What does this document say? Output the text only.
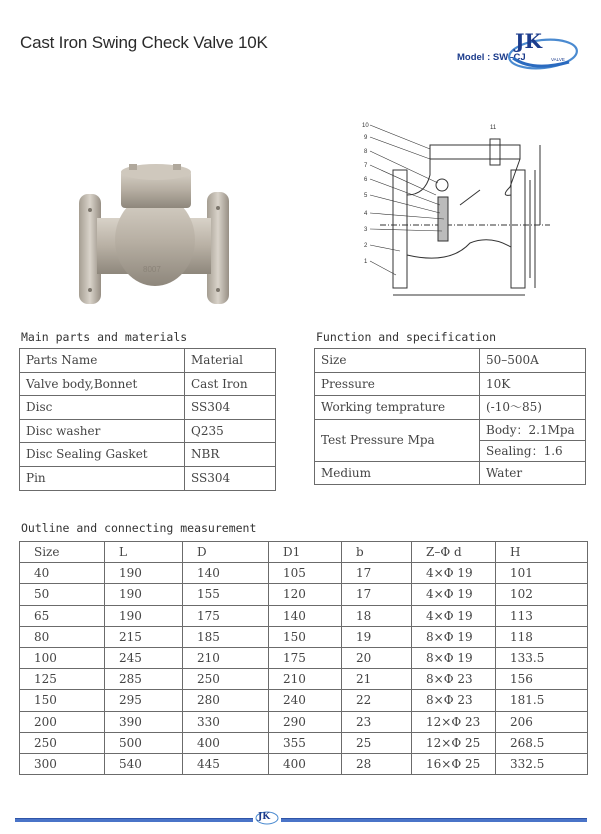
Cast Iron Swing Check Valve 10K
Model : SW–CJ
JK
VALVE
8007
10
9
8
7
6
5
4
3
2
1
11
Main parts and materials
Parts Name	Material
Valve body,Bonnet	Cast Iron
Disc	SS304
Disc washer	Q235
Disc Sealing Gasket	NBR
Pin	SS304
Function and specification
Size	50–500A
Pressure	10K
Working temprature	(-10～85)
Test Pressure Mpa	Body：2.1Mpa
	Sealing：1.6
Medium	Water
Outline and connecting measurement
Size	L	D	D1	b	Z–Φ d	H
40	190	140	105	17	4×Φ 19	101
50	190	155	120	17	4×Φ 19	102
65	190	175	140	18	4×Φ 19	113
80	215	185	150	19	8×Φ 19	118
100	245	210	175	20	8×Φ 19	133.5
125	285	250	210	21	8×Φ 23	156
150	295	280	240	22	8×Φ 23	181.5
200	390	330	290	23	12×Φ 23	206
250	500	400	355	25	12×Φ 25	268.5
300	540	445	400	28	16×Φ 25	332.5
JK
